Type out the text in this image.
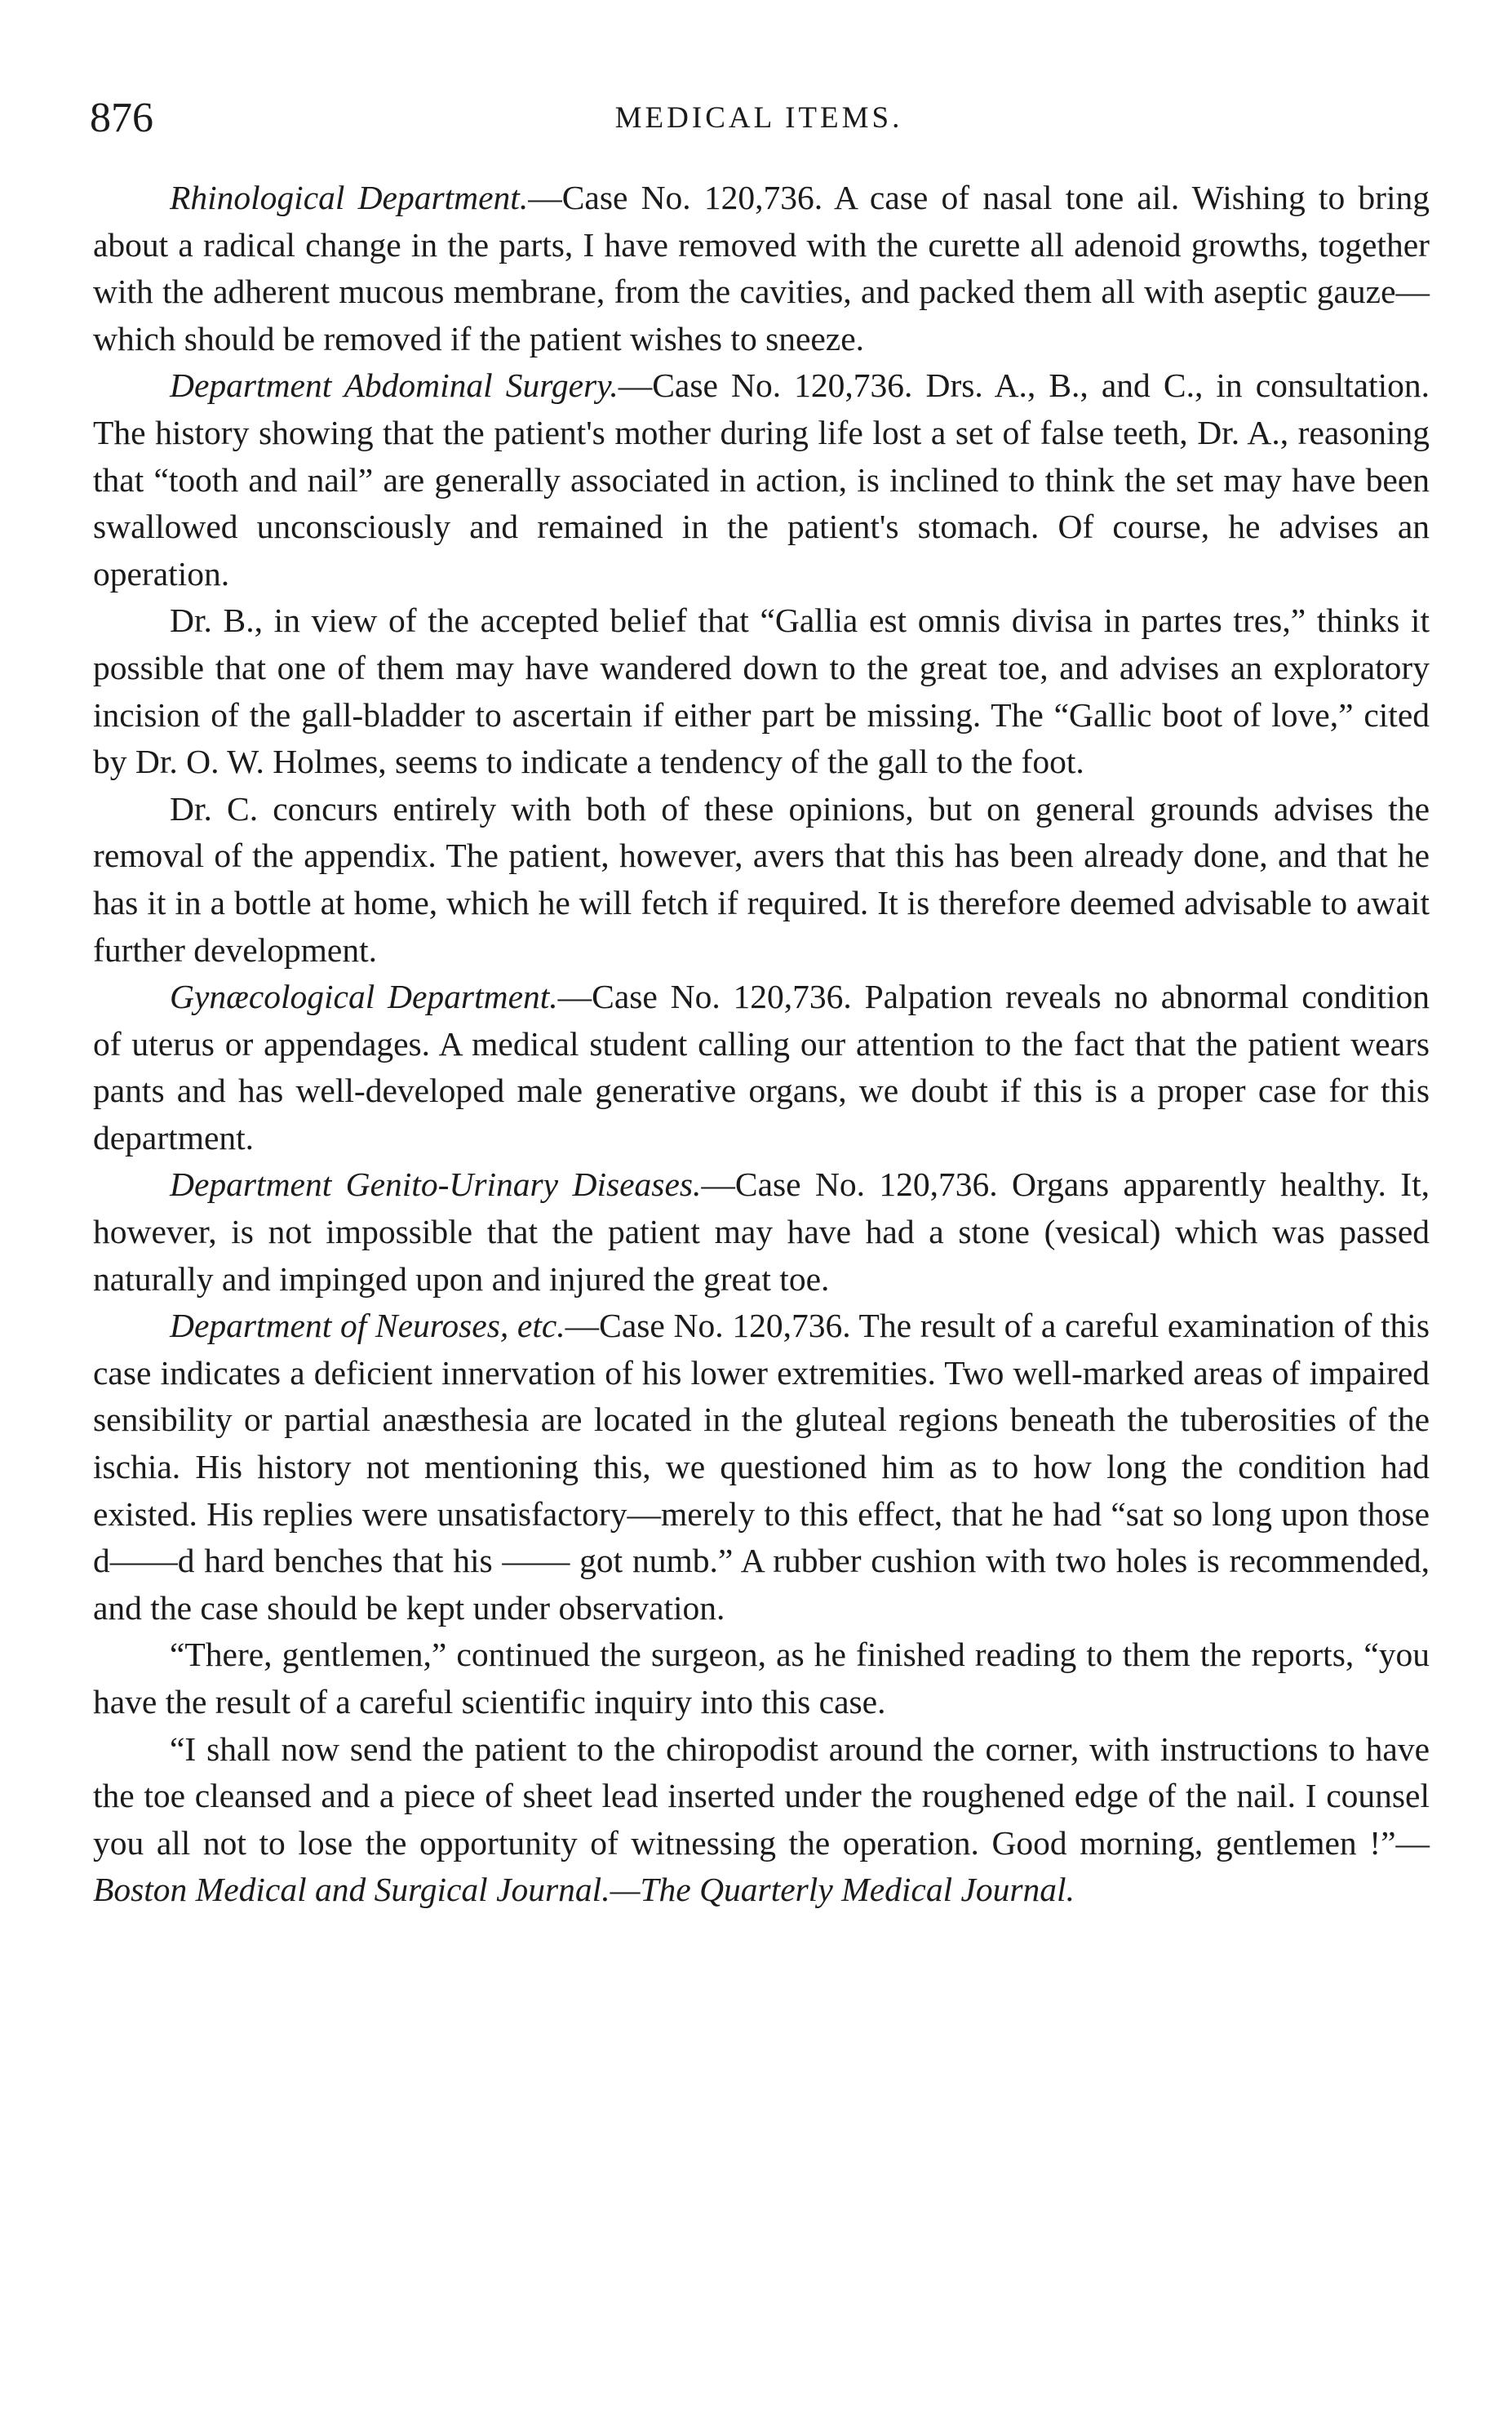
876	MEDICAL ITEMS.

Rhinological Department.—Case No. 120,736. A case of nasal tone ail. Wishing to bring about a radical change in the parts, I have removed with the curette all adenoid growths, together with the adherent mucous membrane, from the cavities, and packed them all with aseptic gauze—which should be removed if the patient wishes to sneeze.

Department Abdominal Surgery.—Case No. 120,736. Drs. A., B., and C., in consultation. The history showing that the patient's mother during life lost a set of false teeth, Dr. A., reasoning that “tooth and nail” are generally associated in action, is inclined to think the set may have been swallowed unconsciously and remained in the patient's stomach. Of course, he advises an operation.

Dr. B., in view of the accepted belief that “Gallia est omnis divisa in partes tres,” thinks it possible that one of them may have wandered down to the great toe, and advises an exploratory incision of the gall-bladder to ascertain if either part be missing. The “Gallic boot of love,” cited by Dr. O. W. Holmes, seems to indicate a tendency of the gall to the foot.

Dr. C. concurs entirely with both of these opinions, but on general grounds advises the removal of the appendix. The patient, however, avers that this has been already done, and that he has it in a bottle at home, which he will fetch if required. It is therefore deemed advisable to await further development.

Gynæcological Department.—Case No. 120,736. Palpation reveals no abnormal condition of uterus or appendages. A medical student calling our attention to the fact that the patient wears pants and has well-developed male generative organs, we doubt if this is a proper case for this department.

Department Genito-Urinary Diseases.—Case No. 120,736. Organs apparently healthy. It, however, is not impossible that the patient may have had a stone (vesical) which was passed naturally and impinged upon and injured the great toe.

Department of Neuroses, etc.—Case No. 120,736. The result of a careful examination of this case indicates a deficient innervation of his lower extremities. Two well-marked areas of impaired sensibility or partial anæsthesia are located in the gluteal regions beneath the tuberosities of the ischia. His history not mentioning this, we questioned him as to how long the condition had existed. His replies were unsatisfactory—merely to this effect, that he had “sat so long upon those d——d hard benches that his —— got numb.” A rubber cushion with two holes is recommended, and the case should be kept under observation.

“There, gentlemen,” continued the surgeon, as he finished reading to them the reports, “you have the result of a careful scientific inquiry into this case.

“I shall now send the patient to the chiropodist around the corner, with instructions to have the toe cleansed and a piece of sheet lead inserted under the roughened edge of the nail. I counsel you all not to lose the opportunity of witnessing the operation. Good morning, gentlemen !”—Boston Medical and Surgical Journal.—The Quarterly Medical Journal.
